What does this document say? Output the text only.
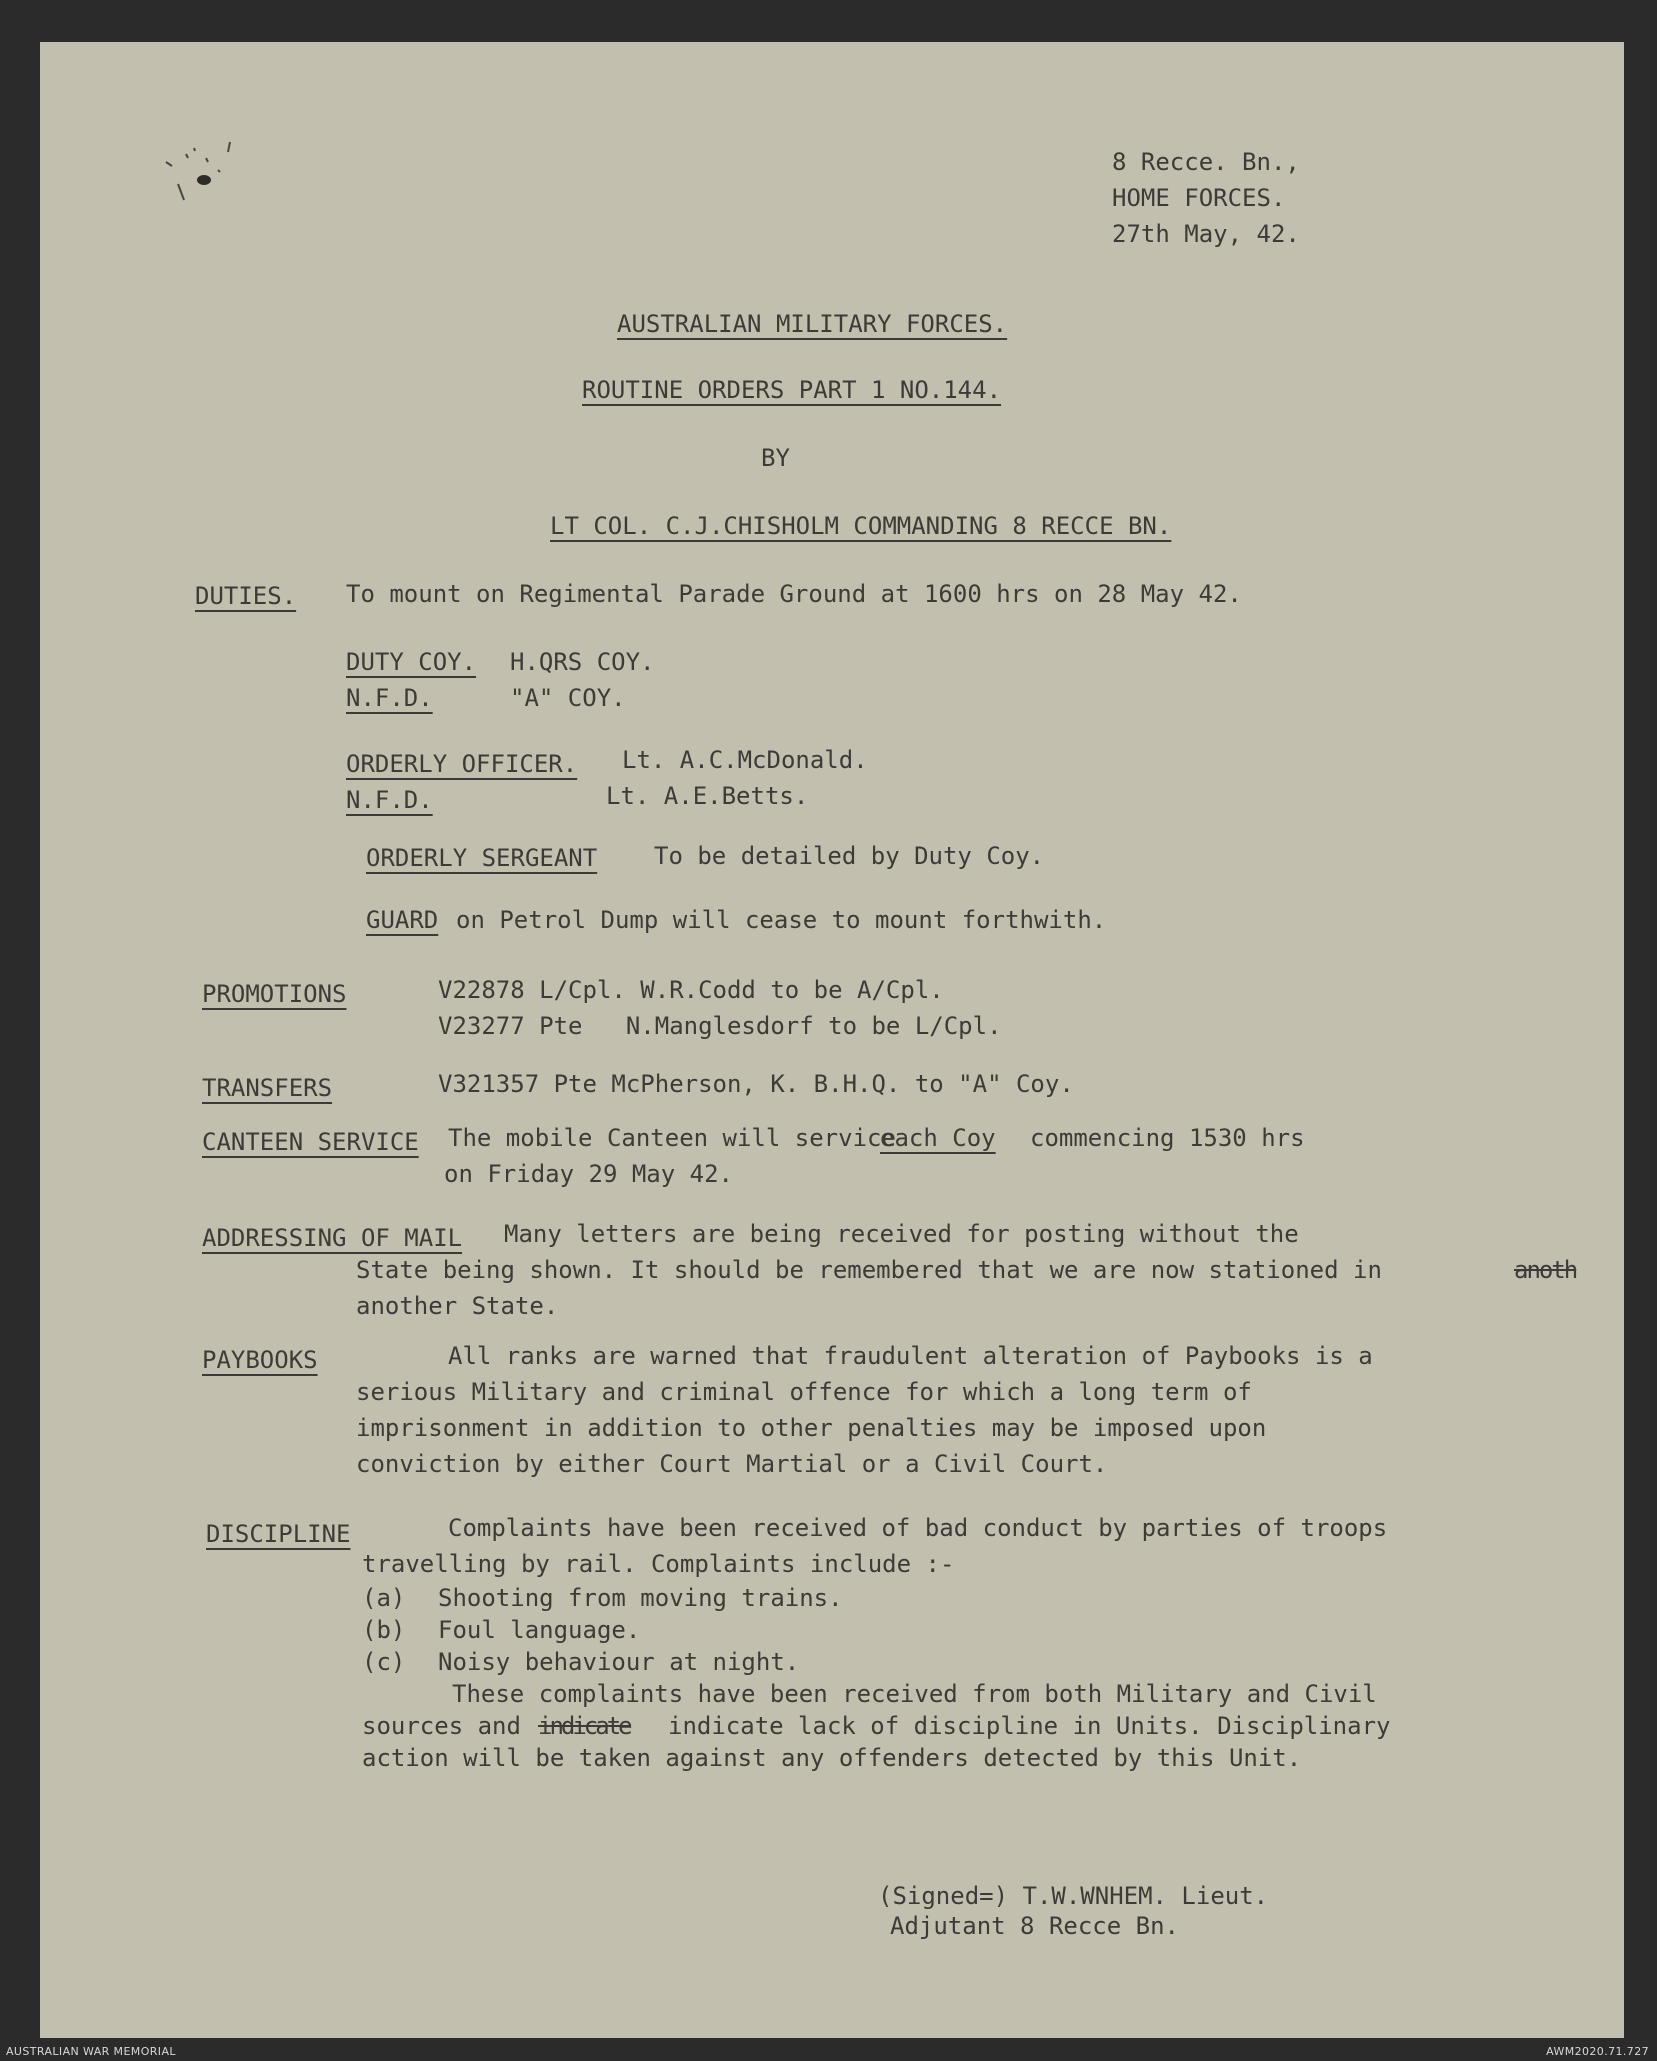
8 Recce. Bn.,
HOME FORCES.
27th May, 42.
AUSTRALIAN MILITARY FORCES.
ROUTINE ORDERS PART 1 NO.144.
BY
LT COL. C.J.CHISHOLM COMMANDING 8 RECCE BN.
DUTIES. To mount on Regimental Parade Ground at 1600 hrs on 28 May 42.
DUTY COY. H.QRS COY.
N.F.D.	"A" COY.
ORDERLY OFFICER. Lt. A.C.McDonald.
N.F.D.	Lt. A.E.Betts.
ORDERLY SERGEANT To be detailed by Duty Coy.
GUARD on Petrol Dump will cease to mount forthwith.
PROMOTIONS	V22878 L/Cpl. W.R.Codd to be A/Cpl.
V23277 Pte   N.Manglesdorf to be L/Cpl.
TRANSFERS	V321357 Pte McPherson, K. B.H.Q. to "A" Coy.
CANTEEN SERVICE The mobile Canteen will service
each Coy commencing 1530 hrs
on Friday 29 May 42.
ADDRESSING OF MAIL Many letters are being received for posting without the
State being shown. It should be remembered that we are now stationed in	anoth
another State.
PAYBOOKS	All ranks are warned that fraudulent alteration of Paybooks is a
serious Military and criminal offence for which a long term of
imprisonment in addition to other penalties may be imposed upon
conviction by either Court Martial or a Civil Court.
DISCIPLINE	Complaints have been received of bad conduct by parties of troops
travelling by rail. Complaints include :-
(a) Shooting from moving trains.
(b) Foul language.
(c) Noisy behaviour at night.
These complaints have been received from both Military and Civil
sources and indicate indicate lack of discipline in Units. Disciplinary
action will be taken against any offenders detected by this Unit.
(Signed=) T.W.WNHEM. Lieut.
Adjutant 8 Recce Bn.
AUSTRALIAN WAR MEMORIAL	AWM2020.71.727
